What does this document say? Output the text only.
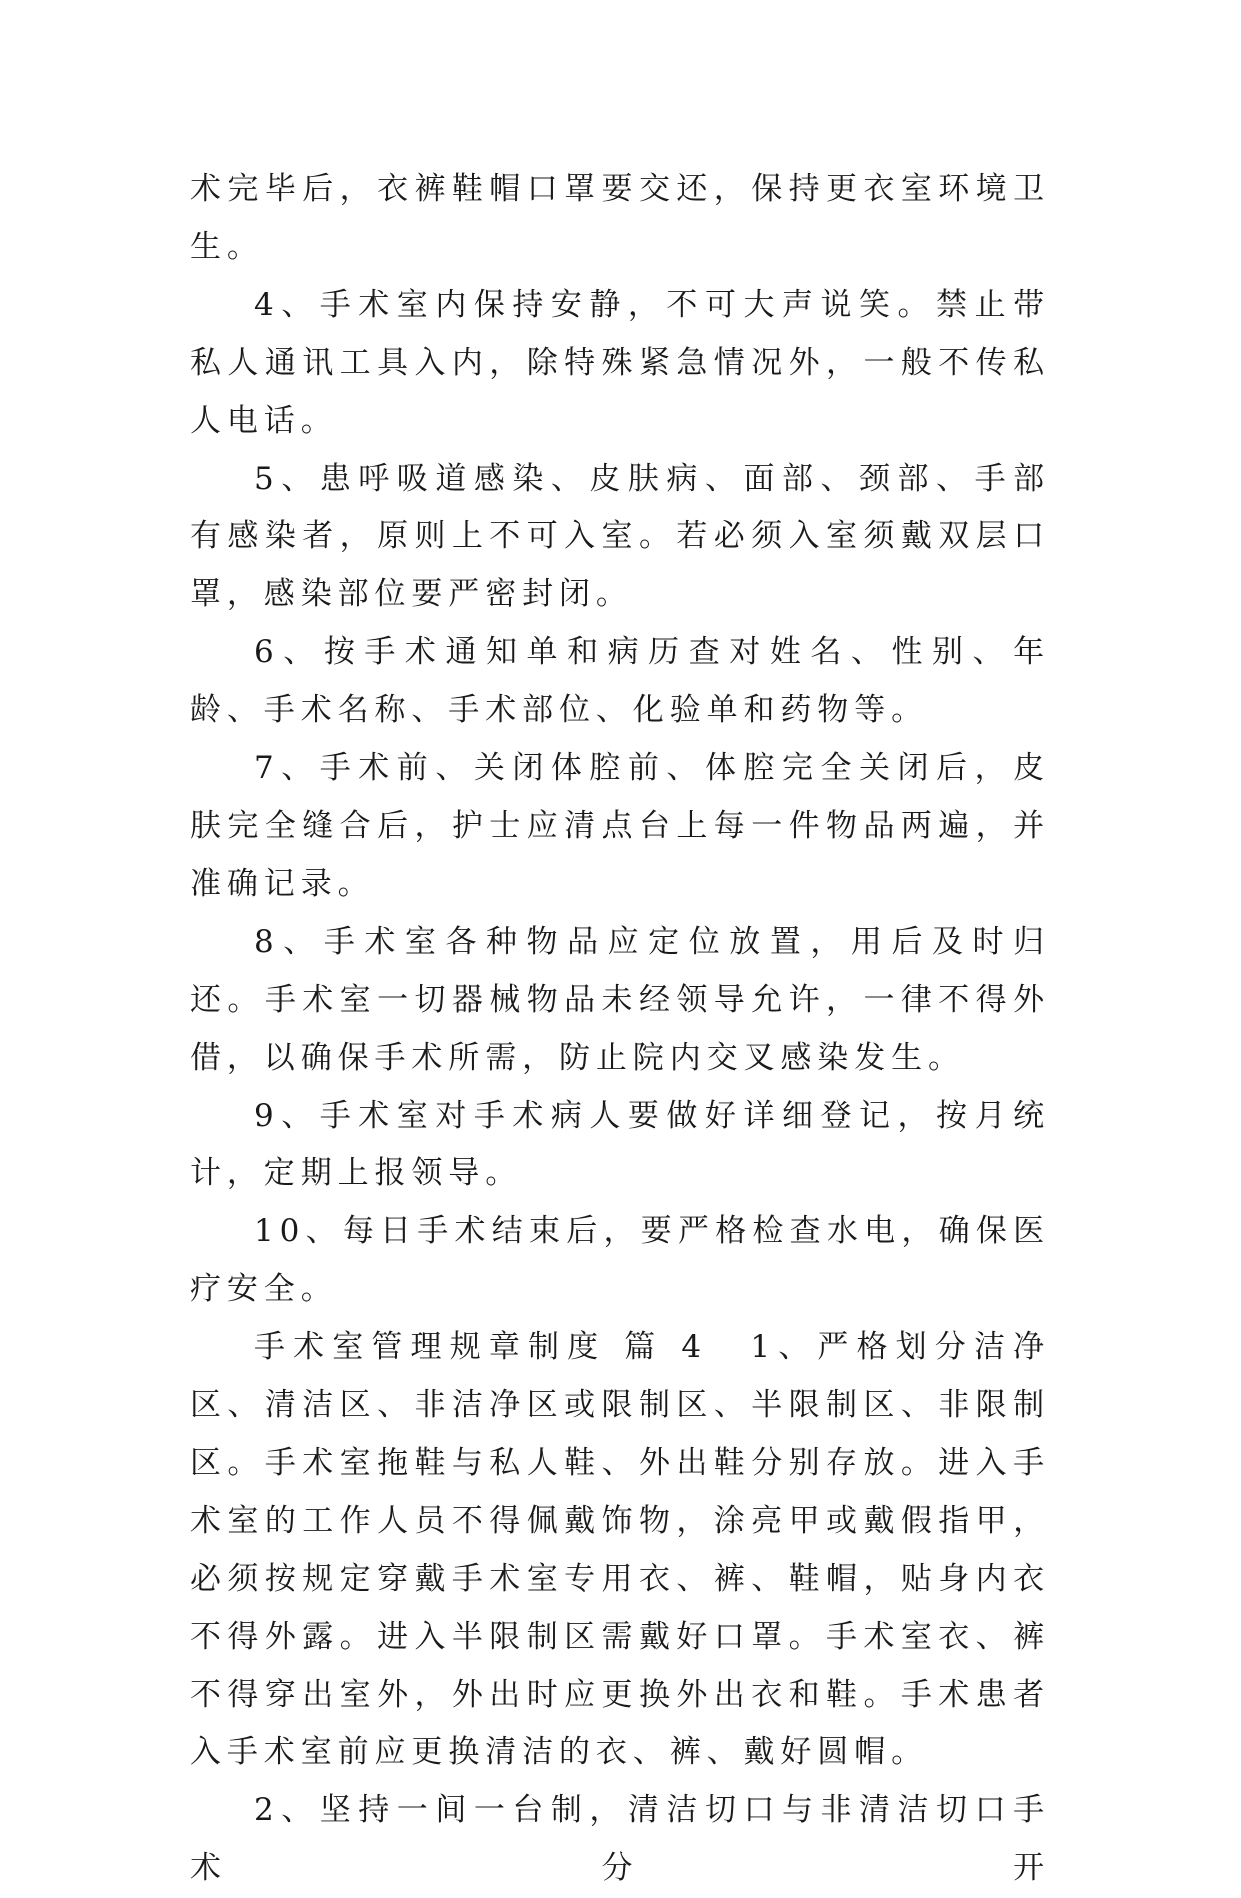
术完毕后，衣裤鞋帽口罩要交还，保持更衣室环境卫生。

4、手术室内保持安静，不可大声说笑。禁止带私人通讯工具入内，除特殊紧急情况外，一般不传私人电话。

5、患呼吸道感染、皮肤病、面部、颈部、手部有感染者，原则上不可入室。若必须入室须戴双层口罩，感染部位要严密封闭。

6、按手术通知单和病历查对姓名、性别、年龄、手术名称、手术部位、化验单和药物等。

7、手术前、关闭体腔前、体腔完全关闭后，皮肤完全缝合后，护士应清点台上每一件物品两遍，并准确记录。

8、手术室各种物品应定位放置，用后及时归还。手术室一切器械物品未经领导允许，一律不得外借，以确保手术所需，防止院内交叉感染发生。

9、手术室对手术病人要做好详细登记，按月统计，定期上报领导。

10、每日手术结束后，要严格检查水电，确保医疗安全。

手术室管理规章制度 篇 4 1、严格划分洁净区、清洁区、非洁净区或限制区、半限制区、非限制区。手术室拖鞋与私人鞋、外出鞋分别存放。进入手术室的工作人员不得佩戴饰物，涂亮甲或戴假指甲，必须按规定穿戴手术室专用衣、裤、鞋帽，贴身内衣不得外露。进入半限制区需戴好口罩。手术室衣、裤不得穿出室外，外出时应更换外出衣和鞋。手术患者入手术室前应更换清洁的衣、裤、戴好圆帽。

2、坚持一间一台制，清洁切口与非清洁切口手术分开
